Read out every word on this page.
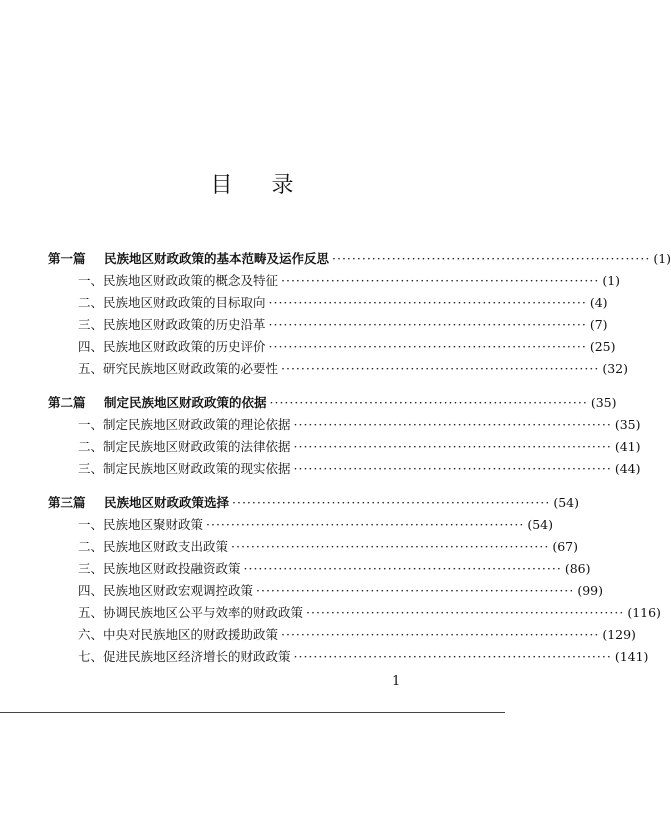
目 录
第一篇	民族地区财政政策的基本范畴及运作反思 ································································ (1)
一、民族地区财政政策的概念及特征 ································································ (1)
二、民族地区财政政策的目标取向 ································································ (4)
三、民族地区财政政策的历史沿革 ································································ (7)
四、民族地区财政政策的历史评价 ································································ (25)
五、研究民族地区财政政策的必要性 ································································ (32)
第二篇	制定民族地区财政政策的依据 ································································ (35)
一、制定民族地区财政政策的理论依据 ································································ (35)
二、制定民族地区财政政策的法律依据 ································································ (41)
三、制定民族地区财政政策的现实依据 ································································ (44)
第三篇	民族地区财政政策选择 ································································ (54)
一、民族地区聚财政策 ································································ (54)
二、民族地区财政支出政策 ································································ (67)
三、民族地区财政投融资政策 ································································ (86)
四、民族地区财政宏观调控政策 ································································ (99)
五、协调民族地区公平与效率的财政政策 ································································ (116)
六、中央对民族地区的财政援助政策 ································································ (129)
七、促进民族地区经济增长的财政政策 ································································ (141)
1
